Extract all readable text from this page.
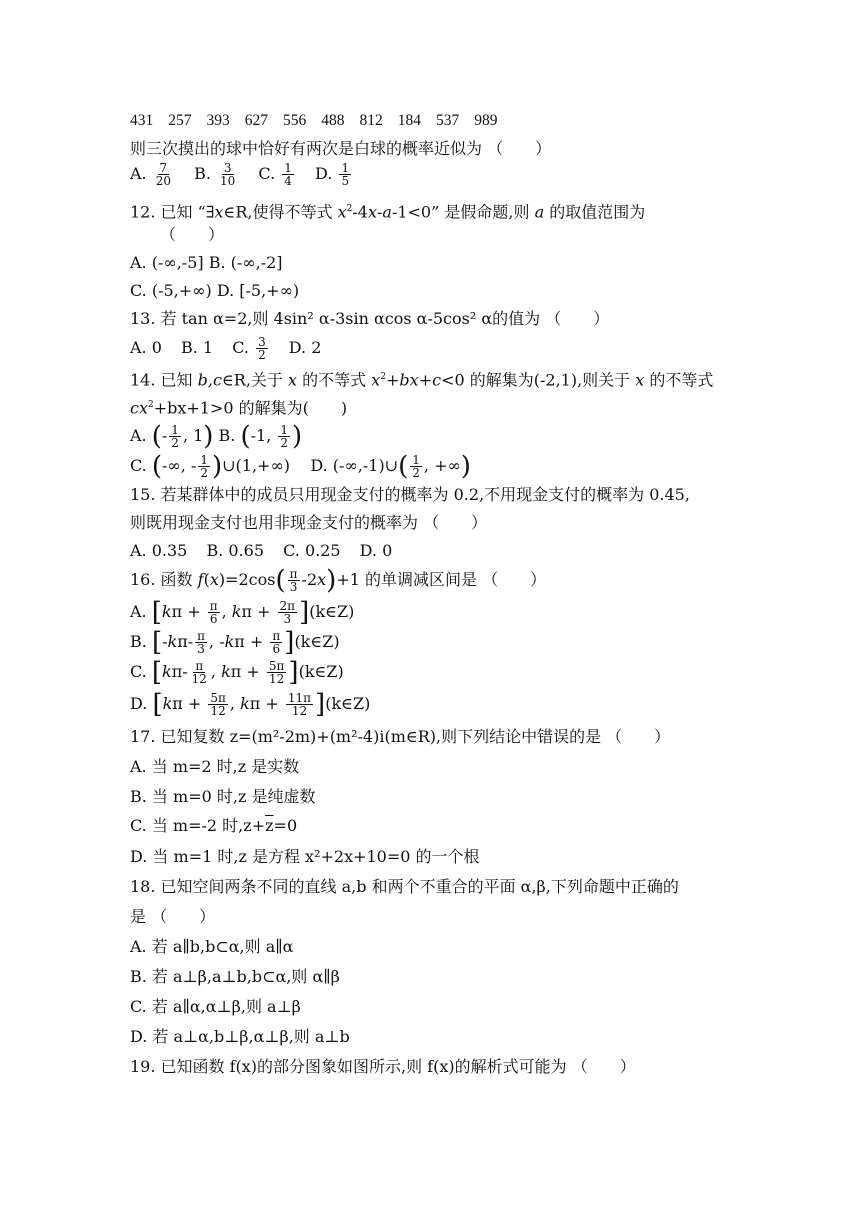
431 257 393 627 556 488 812 184 537 989
则三次摸出的球中恰好有两次是白球的概率近似为 （　　）
A. $\frac{7}{20} B$. $\frac{3}{10} C$. $\frac{1}{4} D$. $\frac{1}{5}$
12. 已知 “∃x∈R,使得不等式 $x^2-4x-a-1<0$” 是假命题,则 a 的取值范围为
（　　）
A. (-∞,-5] B. (-∞,-2]
C. (-5,+∞) D. [-5,+∞)
13. 若 tan α=2,则 4sin² α-3sin αcos α-5cos² α的值为 （　　）
A. 0 B. 1 C. $\frac{3}{2} D$. 2
14. 已知 b,c∈R,关于 x 的不等式 $x^2+bx+c<0$ 的解集为(-2,1),则关于 x 的不等式
$cx^2+bx+1>0$ 的解集为(　　)
A. (- $\frac{1}{2}$ , 1) B. (-1, $\frac{1}{2}$ )
C. (-∞, - $\frac{1}{2}$ )∪(1,+∞) D. (-∞,-1)∪( $\frac{1}{2}$ , +∞)
15. 若某群体中的成员只用现金支付的概率为 0.2,不用现金支付的概率为 0.45,
则既用现金支付也用非现金支付的概率为 （　　）
A. 0.35 B. 0.65 C. 0.25 D. 0
16. 函数 $f(x)=2\cos( \frac{\pi}{3} -2x)+1$ 的单调减区间是 （　　）
A. [$k\pi + \frac{\pi}{6}$ , $k\pi + \frac{2\pi}{3}$ ](k∈Z)
B. [$-k\pi- \frac{\pi}{3}$ , $-k\pi + \frac{\pi}{6}$ ](k∈Z)
C. [$k\pi- \frac{\pi}{12}$ , $k\pi + \frac{5\pi}{12}$ ](k∈Z)
D. [$k\pi + \frac{5\pi}{12}$ , $k\pi + \frac{11\pi}{12}$ ](k∈Z)
17. 已知复数 z=(m²-2m)+(m²-4)i(m∈R),则下列结论中错误的是 （　　）
A. 当 m=2 时,z 是实数
B. 当 m=0 时,z 是纯虚数
C. 当 m=-2 时$,z+\overline{z}=0$
D. 当 m=1 时,z 是方程 x²+2x+10=0 的一个根
18. 已知空间两条不同的直线 a,b 和两个不重合的平面 α,β,下列命题中正确的
是 （　　）
A. 若 a∥b,b⊂α,则 a∥α
B. 若 a⊥β,a⊥b,b⊂α,则 α∥β
C. 若 a∥α,α⊥β,则 a⊥β
D. 若 a⊥α,b⊥β,α⊥β,则 a⊥b
19. 已知函数 f(x)的部分图象如图所示,则 f(x)的解析式可能为 （　　）
